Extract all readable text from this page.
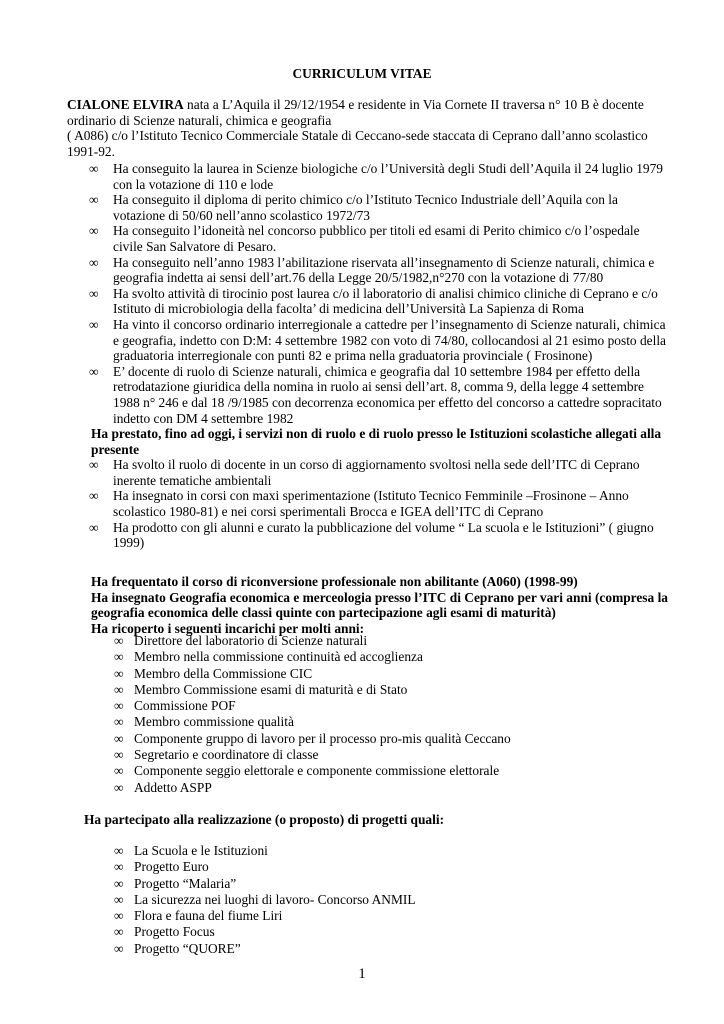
CURRICULUM VITAE
CIALONE ELVIRA nata a L’Aquila il 29/12/1954 e residente in Via Cornete II traversa n° 10 B è docente ordinario di Scienze naturali, chimica e geografia
( A086) c/o l’Istituto Tecnico Commerciale Statale di Ceccano-sede staccata di Ceprano dall’anno scolastico 1991-92.
∞ Ha conseguito la laurea in Scienze biologiche c/o l’Università degli Studi dell’Aquila il 24 luglio 1979 con la votazione di 110 e lode
∞ Ha conseguito il diploma di perito chimico c/o l’Istituto Tecnico Industriale dell’Aquila con la votazione di 50/60 nell’anno scolastico 1972/73
∞ Ha conseguito l’idoneità nel concorso pubblico per titoli ed esami di Perito chimico c/o l’ospedale civile San Salvatore di Pesaro.
∞ Ha conseguito nell’anno 1983 l’abilitazione riservata all’insegnamento di Scienze naturali, chimica e geografia indetta ai sensi dell’art.76 della Legge 20/5/1982,n°270 con la votazione di 77/80
∞ Ha svolto attività di tirocinio post laurea c/o il laboratorio di analisi chimico cliniche di Ceprano e c/o Istituto di microbiologia della facolta’ di medicina dell’Università La Sapienza di Roma
∞ Ha vinto il concorso ordinario interregionale a cattedre per l’insegnamento di Scienze naturali, chimica e geografia, indetto con D:M: 4 settembre 1982 con voto di 74/80, collocandosi al 21 esimo posto della graduatoria interregionale con punti 82 e prima nella graduatoria provinciale ( Frosinone)
∞ E’ docente di ruolo di Scienze naturali, chimica e geografia dal 10 settembre 1984 per effetto della retrodatazione giuridica della nomina in ruolo ai sensi dell’art. 8, comma 9, della legge 4 settembre 1988 n° 246 e dal 18 /9/1985 con decorrenza economica per effetto del concorso a cattedre sopracitato indetto con DM 4 settembre 1982
Ha prestato, fino ad oggi, i servizi non di ruolo e di ruolo presso le Istituzioni scolastiche allegati alla presente
∞ Ha svolto il ruolo di docente in un corso di aggiornamento svoltosi nella sede dell’ITC di Ceprano inerente tematiche ambientali
∞ Ha insegnato in corsi con maxi sperimentazione (Istituto Tecnico Femminile –Frosinone – Anno scolastico 1980-81) e nei corsi sperimentali Brocca e IGEA dell’ITC di Ceprano
∞ Ha prodotto con gli alunni e curato la pubblicazione del volume “ La scuola e le Istituzioni” ( giugno 1999)
Ha frequentato il corso di riconversione professionale non abilitante (A060) (1998-99)
Ha insegnato Geografia economica e merceologia presso l’ITC di Ceprano per vari anni (compresa la geografia economica delle classi quinte con partecipazione agli esami di maturità)
Ha ricoperto i seguenti incarichi per molti anni:
∞ Direttore del laboratorio di Scienze naturali
∞ Membro nella commissione continuità ed accoglienza
∞ Membro della Commissione CIC
∞ Membro Commissione esami di maturità e di Stato
∞ Commissione POF
∞ Membro commissione qualità
∞ Componente gruppo di lavoro per il processo pro-mis qualità Ceccano
∞ Segretario e coordinatore di classe
∞ Componente seggio elettorale e componente commissione elettorale
∞ Addetto ASPP
Ha partecipato alla realizzazione (o proposto) di progetti quali:
∞ La Scuola e le Istituzioni
∞ Progetto Euro
∞ Progetto “Malaria”
∞ La sicurezza nei luoghi di lavoro- Concorso ANMIL
∞ Flora e fauna del fiume Liri
∞ Progetto Focus
∞ Progetto “QUORE”
1
